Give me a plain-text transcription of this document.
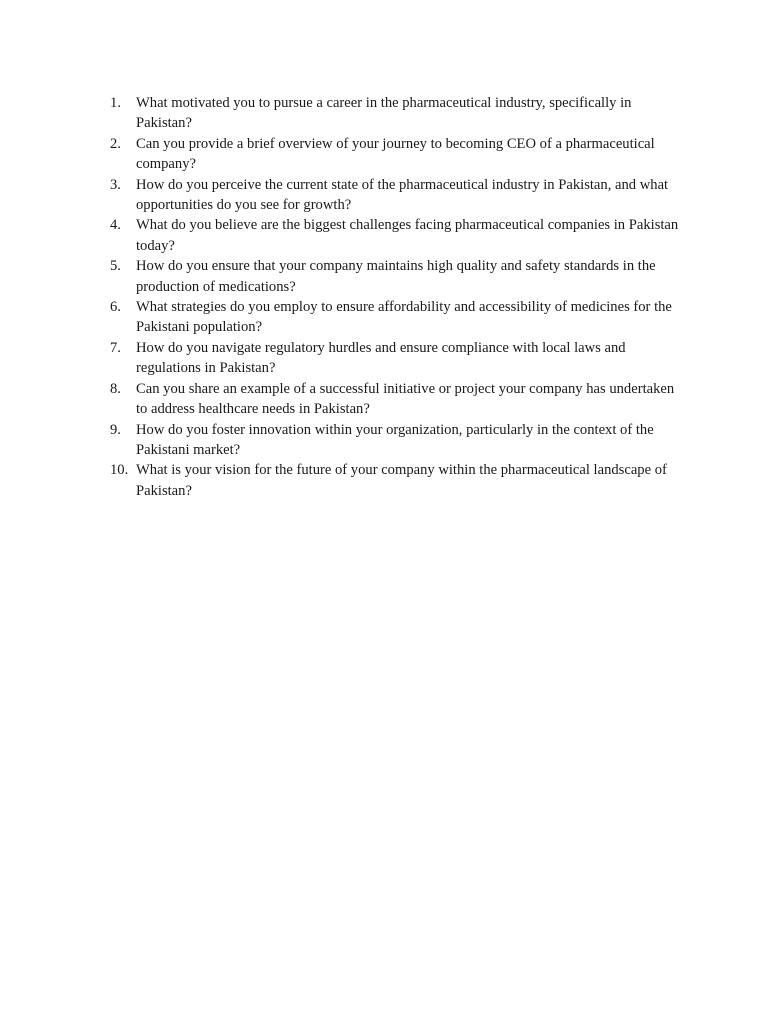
1. What motivated you to pursue a career in the pharmaceutical industry, specifically in Pakistan?
2. Can you provide a brief overview of your journey to becoming CEO of a pharmaceutical company?
3. How do you perceive the current state of the pharmaceutical industry in Pakistan, and what opportunities do you see for growth?
4. What do you believe are the biggest challenges facing pharmaceutical companies in Pakistan today?
5. How do you ensure that your company maintains high quality and safety standards in the production of medications?
6. What strategies do you employ to ensure affordability and accessibility of medicines for the Pakistani population?
7. How do you navigate regulatory hurdles and ensure compliance with local laws and regulations in Pakistan?
8. Can you share an example of a successful initiative or project your company has undertaken to address healthcare needs in Pakistan?
9. How do you foster innovation within your organization, particularly in the context of the Pakistani market?
10. What is your vision for the future of your company within the pharmaceutical landscape of Pakistan?
